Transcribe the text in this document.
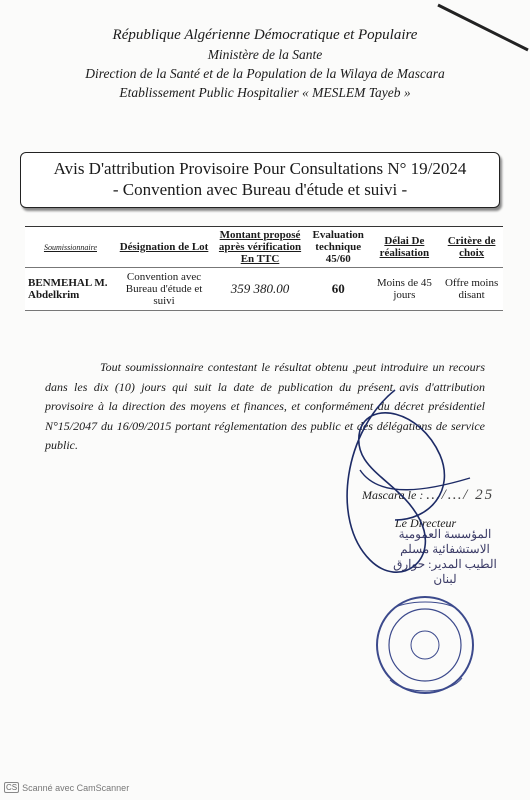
République Algérienne Démocratique et Populaire
Ministère de la Sante
Direction de la Santé et de la Population de la Wilaya de Mascara
Etablissement Public Hospitalier « MESLEM Tayeb »
Avis D'attribution Provisoire Pour Consultations N° 19/2024
- Convention avec Bureau d'étude et suivi -
Soumissionnaire	Désignation de Lot	Montant proposé après vérification En TTC	Evaluation technique 45/60	Délai De réalisation	Critère de choix
BENMEHAL M. Abdelkrim	Convention avec Bureau d'étude et suivi	359 380.00	60	Moins de 45 jours	Offre moins disant
Tout soumissionnaire contestant le résultat obtenu ,peut introduire un recours dans les dix (10) jours qui suit la date de publication du présent avis d'attribution provisoire à la direction des moyens et finances, et conformément du décret présidentiel N°15/2047 du 16/09/2015 portant réglementation des public et des délégations de service public.
Mascara le : …/…/ 25
Le Directeur
المؤسسة العمومية الاستشفائية مسلم الطيب المدير: حوارق لبنان
CS Scanné avec CamScanner
